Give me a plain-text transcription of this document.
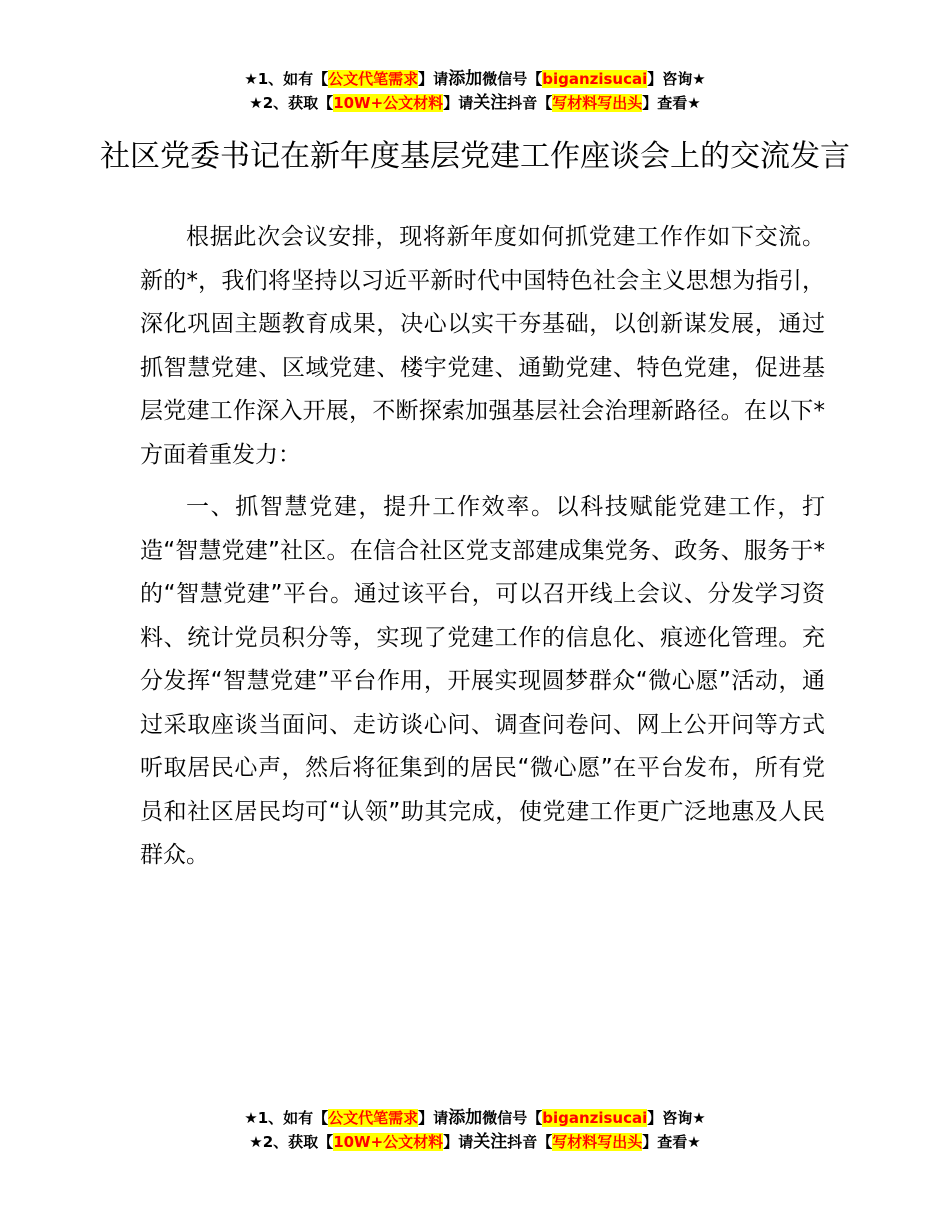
★1、如有【公文代笔需求】请添加微信号【biganzisucai】咨询★
★2、获取【10W+公文材料】请关注抖音【写材料写出头】查看★
社区党委书记在新年度基层党建工作座谈会上的交流发言

根据此次会议安排，现将新年度如何抓党建工作作如下交流。新的*，我们将坚持以习近平新时代中国特色社会主义思想为指引，深化巩固主题教育成果，决心以实干夯基础，以创新谋发展，通过抓智慧党建、区域党建、楼宇党建、通勤党建、特色党建，促进基层党建工作深入开展，不断探索加强基层社会治理新路径。在以下*方面着重发力：

一、抓智慧党建，提升工作效率。以科技赋能党建工作，打造“智慧党建”社区。在信合社区党支部建成集党务、政务、服务于*的“智慧党建”平台。通过该平台，可以召开线上会议、分发学习资料、统计党员积分等，实现了党建工作的信息化、痕迹化管理。充分发挥“智慧党建”平台作用，开展实现圆梦群众“微心愿”活动，通过采取座谈当面问、走访谈心问、调查问卷问、网上公开问等方式听取居民心声，然后将征集到的居民“微心愿”在平台发布，所有党员和社区居民均可“认领”助其完成，使党建工作更广泛地惠及人民群众。

★1、如有【公文代笔需求】请添加微信号【biganzisucai】咨询★
★2、获取【10W+公文材料】请关注抖音【写材料写出头】查看★
